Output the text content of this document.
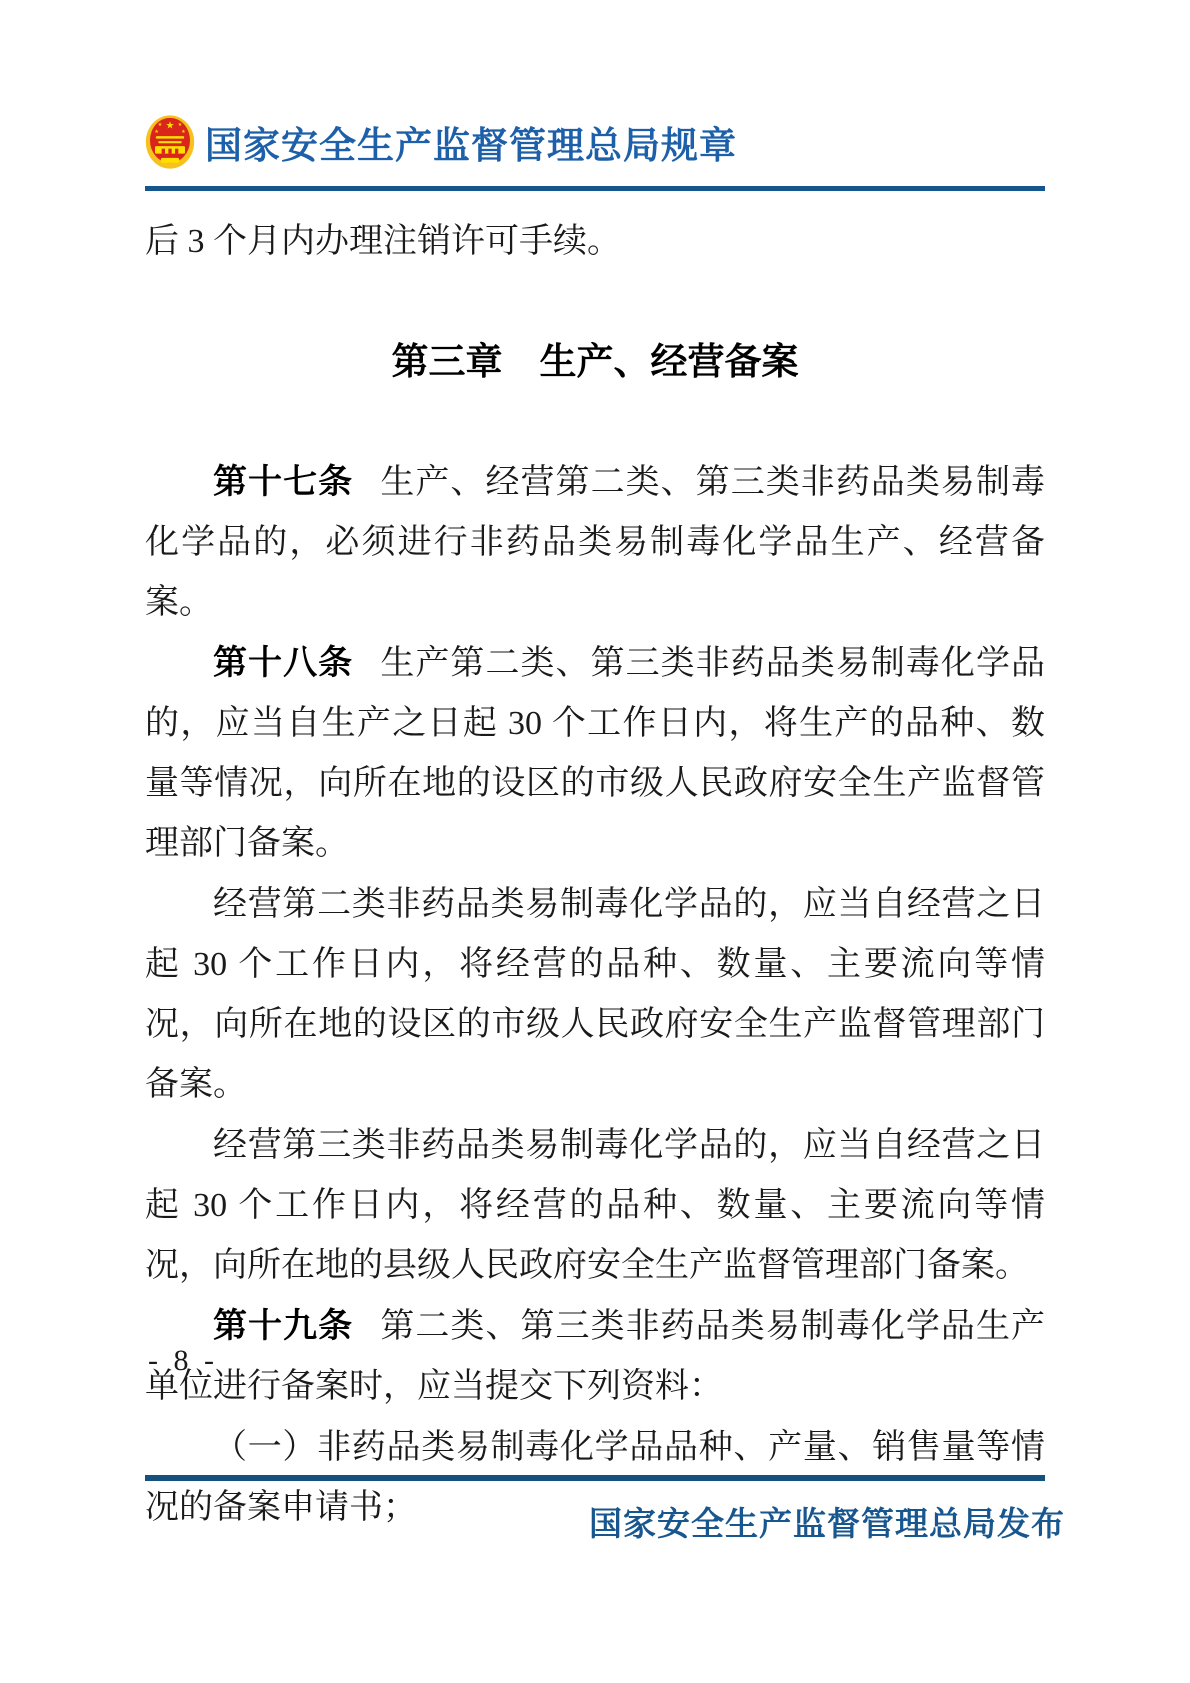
★
★	★
★	★ 国家安全生产监督管理总局规章

后 3 个月内办理注销许可手续。

第三章　生产、经营备案

第十七条 生产、经营第二类、第三类非药品类易制毒化学品的，必须进行非药品类易制毒化学品生产、经营备案。

第十八条 生产第二类、第三类非药品类易制毒化学品的，应当自生产之日起 30 个工作日内，将生产的品种、数量等情况，向所在地的设区的市级人民政府安全生产监督管理部门备案。

经营第二类非药品类易制毒化学品的，应当自经营之日起 30 个工作日内，将经营的品种、数量、主要流向等情况，向所在地的设区的市级人民政府安全生产监督管理部门备案。

经营第三类非药品类易制毒化学品的，应当自经营之日起 30 个工作日内，将经营的品种、数量、主要流向等情况，向所在地的县级人民政府安全生产监督管理部门备案。

第十九条 第二类、第三类非药品类易制毒化学品生产单位进行备案时，应当提交下列资料：

（一）非药品类易制毒化学品品种、产量、销售量等情况的备案申请书；

- 8 -
国家安全生产监督管理总局发布
